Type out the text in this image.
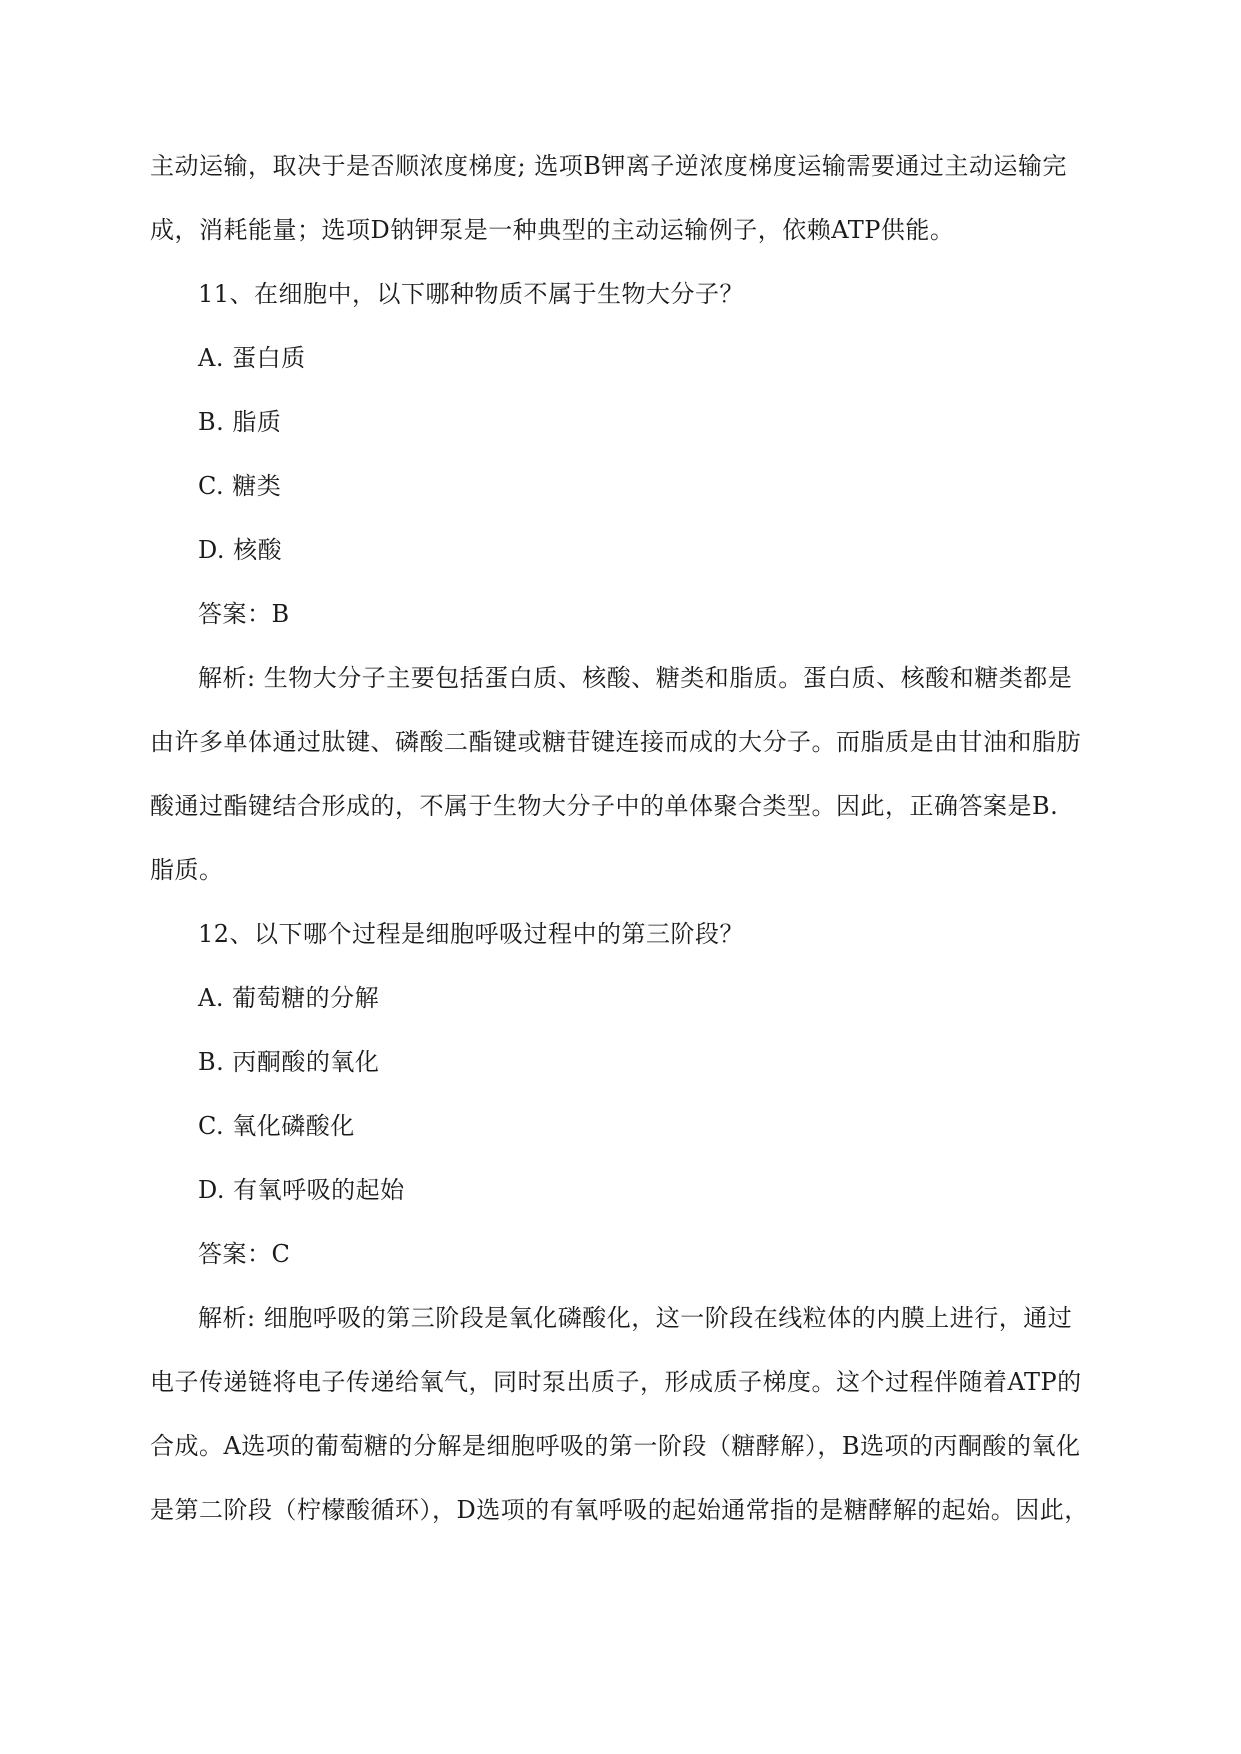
主动运输，取决于是否顺浓度梯度; 选项B钾离子逆浓度梯度运输需要通过主动运输完
成，消耗能量；选项D钠钾泵是一种典型的主动运输例子，依赖ATP供能。
11、在细胞中，以下哪种物质不属于生物大分子？
A. 蛋白质
B. 脂质
C. 糖类
D. 核酸
答案：B
解析: 生物大分子主要包括蛋白质、核酸、糖类和脂质。蛋白质、核酸和糖类都是
由许多单体通过肽键、磷酸二酯键或糖苷键连接而成的大分子。而脂质是由甘油和脂肪
酸通过酯键结合形成的，不属于生物大分子中的单体聚合类型。因此，正确答案是B.
脂质。
12、以下哪个过程是细胞呼吸过程中的第三阶段？
A. 葡萄糖的分解
B. 丙酮酸的氧化
C. 氧化磷酸化
D. 有氧呼吸的起始
答案：C
解析: 细胞呼吸的第三阶段是氧化磷酸化，这一阶段在线粒体的内膜上进行，通过
电子传递链将电子传递给氧气，同时泵出质子，形成质子梯度。这个过程伴随着ATP的
合成。A选项的葡萄糖的分解是细胞呼吸的第一阶段（糖酵解），B选项的丙酮酸的氧化
是第二阶段（柠檬酸循环），D选项的有氧呼吸的起始通常指的是糖酵解的起始。因此，
